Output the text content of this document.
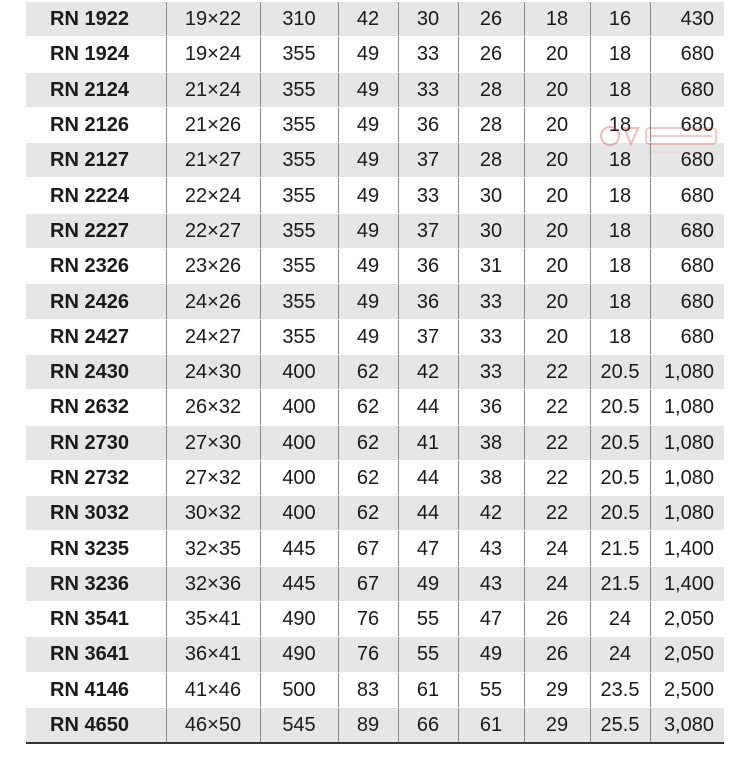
RN 1922	19×22	310	42	30	26	18	16	430
RN 1924	19×24	355	49	33	26	20	18	680
RN 2124	21×24	355	49	33	28	20	18	680
RN 2126	21×26	355	49	36	28	20	18	680
RN 2127	21×27	355	49	37	28	20	18	680
RN 2224	22×24	355	49	33	30	20	18	680
RN 2227	22×27	355	49	37	30	20	18	680
RN 2326	23×26	355	49	36	31	20	18	680
RN 2426	24×26	355	49	36	33	20	18	680
RN 2427	24×27	355	49	37	33	20	18	680
RN 2430	24×30	400	62	42	33	22	20.5	1,080
RN 2632	26×32	400	62	44	36	22	20.5	1,080
RN 2730	27×30	400	62	41	38	22	20.5	1,080
RN 2732	27×32	400	62	44	38	22	20.5	1,080
RN 3032	30×32	400	62	44	42	22	20.5	1,080
RN 3235	32×35	445	67	47	43	24	21.5	1,400
RN 3236	32×36	445	67	49	43	24	21.5	1,400
RN 3541	35×41	490	76	55	47	26	24	2,050
RN 3641	36×41	490	76	55	49	26	24	2,050
RN 4146	41×46	500	83	61	55	29	23.5	2,500
RN 4650	46×50	545	89	66	61	29	25.5	3,080
